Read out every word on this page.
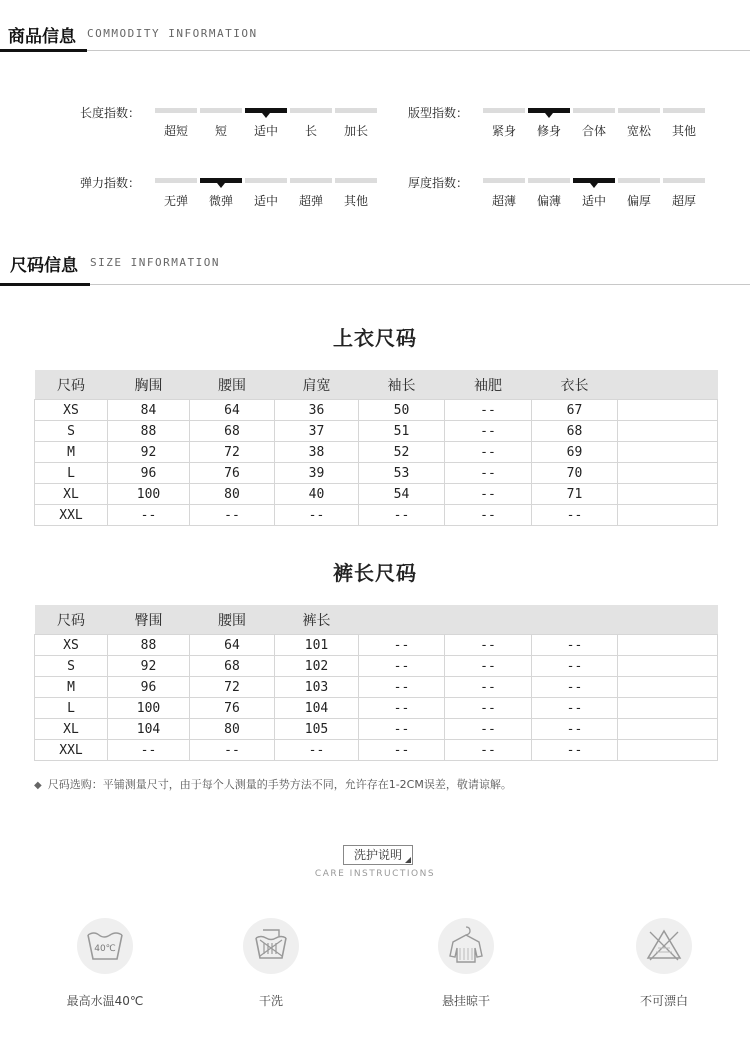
商品信息 COMMODITY INFORMATION
长度指数：
超短	短	适中	长	加长
版型指数：
紧身	修身	合体	宽松	其他
弹力指数：
无弹	微弹	适中	超弹	其他
厚度指数：
超薄	偏薄	适中	偏厚	超厚
尺码信息 SIZE INFORMATION
上衣尺码
尺码	胸围	腰围	肩宽	袖长	袖肥	衣长	
XS	84	64	36	50	--	67	
S	88	68	37	51	--	68	
M	92	72	38	52	--	69	
L	96	76	39	53	--	70	
XL	100	80	40	54	--	71	
XXL	--	--	--	--	--	--	
裤长尺码
尺码	臀围	腰围	裤长				
XS	88	64	101	--	--	--	
S	92	68	102	--	--	--	
M	96	72	103	--	--	--	
L	100	76	104	--	--	--	
XL	104	80	105	--	--	--	
XXL	--	--	--	--	--	--	
◆ 尺码选购：平铺测量尺寸，由于每个人测量的手势方法不同，允许存在1-2CM误差，敬请谅解。
洗护说明
CARE INSTRUCTIONS
40℃
最高水温40℃	干洗	悬挂晾干	不可漂白
